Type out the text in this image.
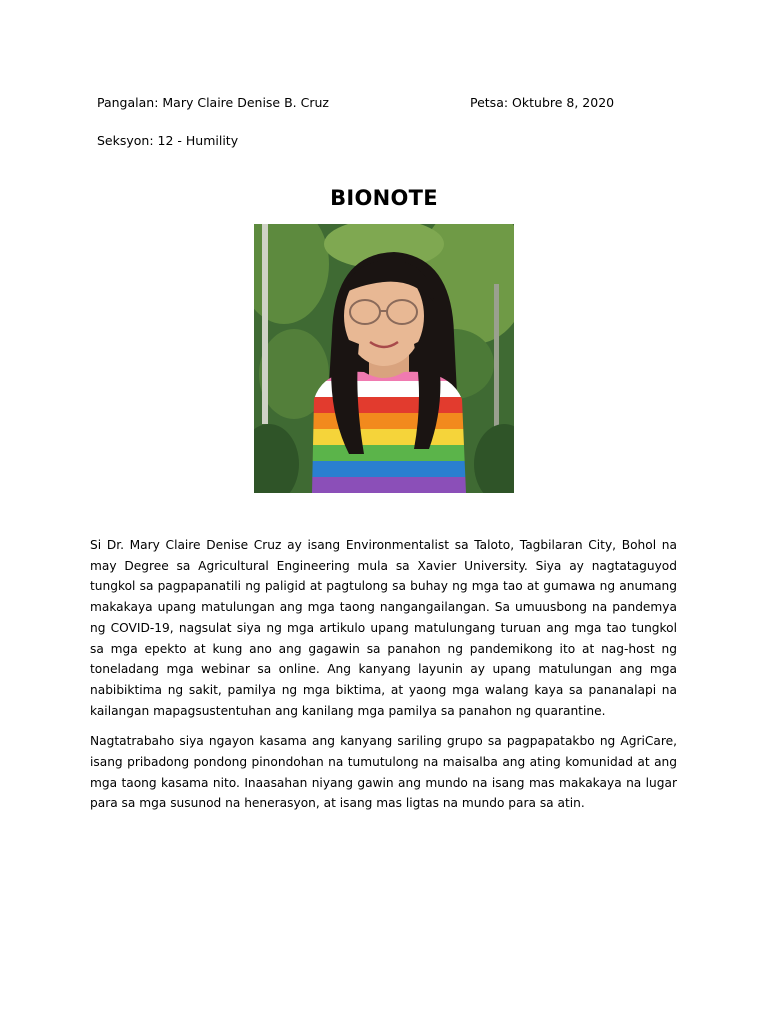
Pangalan: Mary Claire Denise B. Cruz	Petsa: Oktubre 8, 2020
Seksyon: 12 - Humility
BIONOTE

Si Dr. Mary Claire Denise Cruz ay isang Environmentalist sa Taloto, Tagbilaran City, Bohol na may Degree sa Agricultural Engineering mula sa Xavier University. Siya ay nagtataguyod tungkol sa pagpapanatili ng paligid at pagtulong sa buhay ng mga tao at gumawa ng anumang makakaya upang matulungan ang mga taong nangangailangan. Sa umuusbong na pandemya ng COVID-19, nagsulat siya ng mga artikulo upang matulungang turuan ang mga tao tungkol sa mga epekto at kung ano ang gagawin sa panahon ng pandemikong ito at nag-host ng toneladang mga webinar sa online. Ang kanyang layunin ay upang matulungan ang mga nabibiktima ng sakit, pamilya ng mga biktima, at yaong mga walang kaya sa pananalapi na kailangan mapagsustentuhan ang kanilang mga pamilya sa panahon ng quarantine.

Nagtatrabaho siya ngayon kasama ang kanyang sariling grupo sa pagpapatakbo ng AgriCare, isang pribadong pondong pinondohan na tumutulong na maisalba ang ating komunidad at ang mga taong kasama nito. Inaasahan niyang gawin ang mundo na isang mas makakaya na lugar para sa mga susunod na henerasyon, at isang mas ligtas na mundo para sa atin.
